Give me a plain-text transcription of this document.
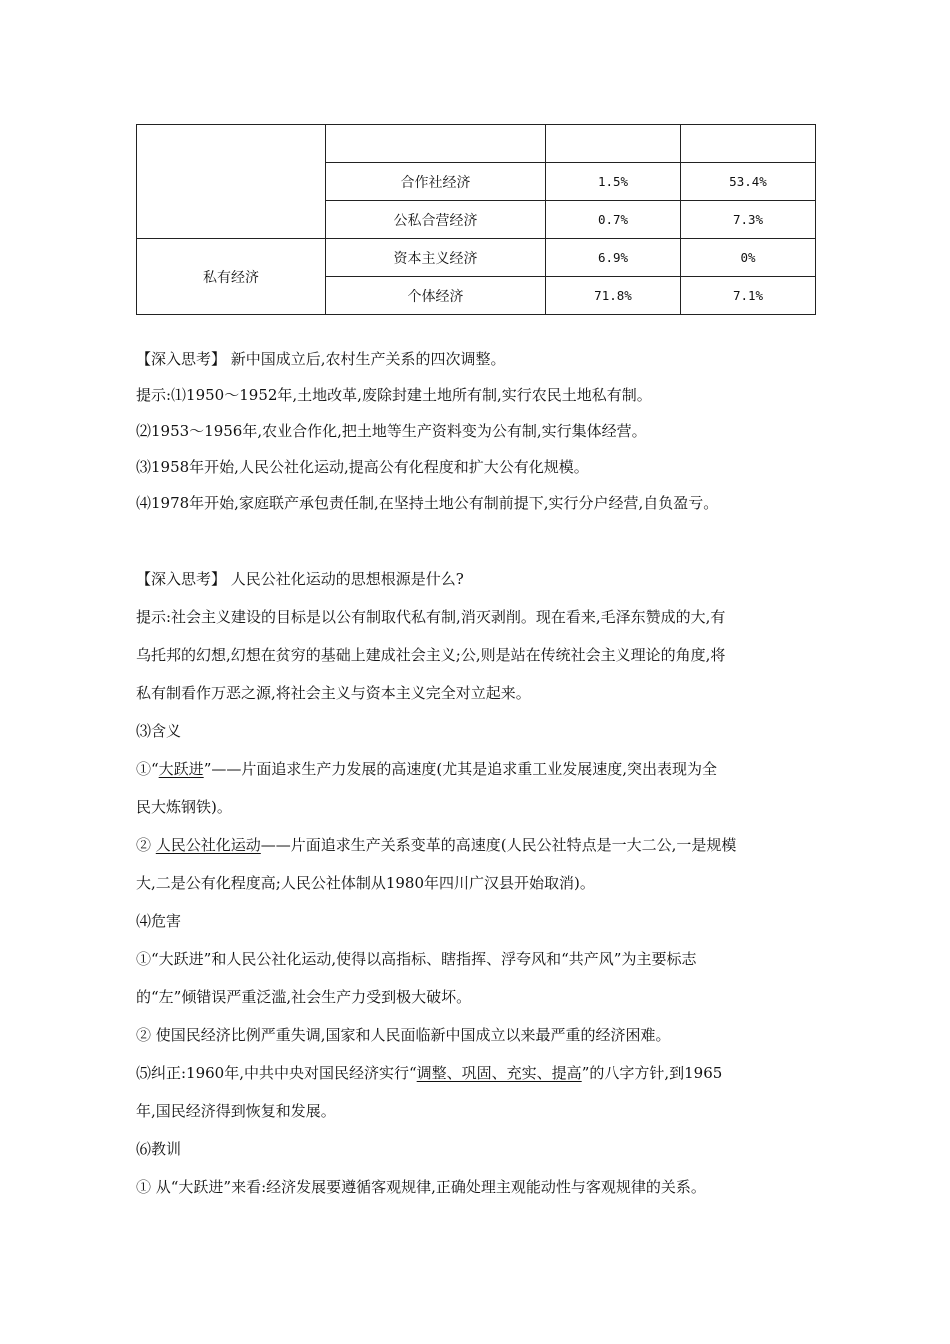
	合作社经济	1.5%	53.4%
	公私合营经济	0.7%	7.3%
私有经济	资本主义经济	6.9%	0%
	个体经济	71.8%	7.1%

【深入思考】 新中国成立后,农村生产关系的四次调整。

提示:⑴1950～1952年,土地改革,废除封建土地所有制,实行农民土地私有制。

⑵1953～1956年,农业合作化,把土地等生产资料变为公有制,实行集体经营。

⑶1958年开始,人民公社化运动,提高公有化程度和扩大公有化规模。

⑷1978年开始,家庭联产承包责任制,在坚持土地公有制前提下,实行分户经营,自负盈亏。

【深入思考】 人民公社化运动的思想根源是什么?

提示:社会主义建设的目标是以公有制取代私有制,消灭剥削。现在看来,毛泽东赞成的大,有

乌托邦的幻想,幻想在贫穷的基础上建成社会主义;公,则是站在传统社会主义理论的角度,将

私有制看作万恶之源,将社会主义与资本主义完全对立起来。

⑶含义

①“大跃进”——片面追求生产力发展的高速度(尤其是追求重工业发展速度,突出表现为全

民大炼钢铁)。

② 人民公社化运动——片面追求生产关系变革的高速度(人民公社特点是一大二公,一是规模

大,二是公有化程度高;人民公社体制从1980年四川广汉县开始取消)。

⑷危害

①“大跃进”和人民公社化运动,使得以高指标、瞎指挥、浮夸风和“共产风”为主要标志

的“左”倾错误严重泛滥,社会生产力受到极大破坏。

② 使国民经济比例严重失调,国家和人民面临新中国成立以来最严重的经济困难。

⑸纠正:1960年,中共中央对国民经济实行“调整、巩固、充实、提高”的八字方针,到1965

年,国民经济得到恢复和发展。

⑹教训

① 从“大跃进”来看:经济发展要遵循客观规律,正确处理主观能动性与客观规律的关系。
